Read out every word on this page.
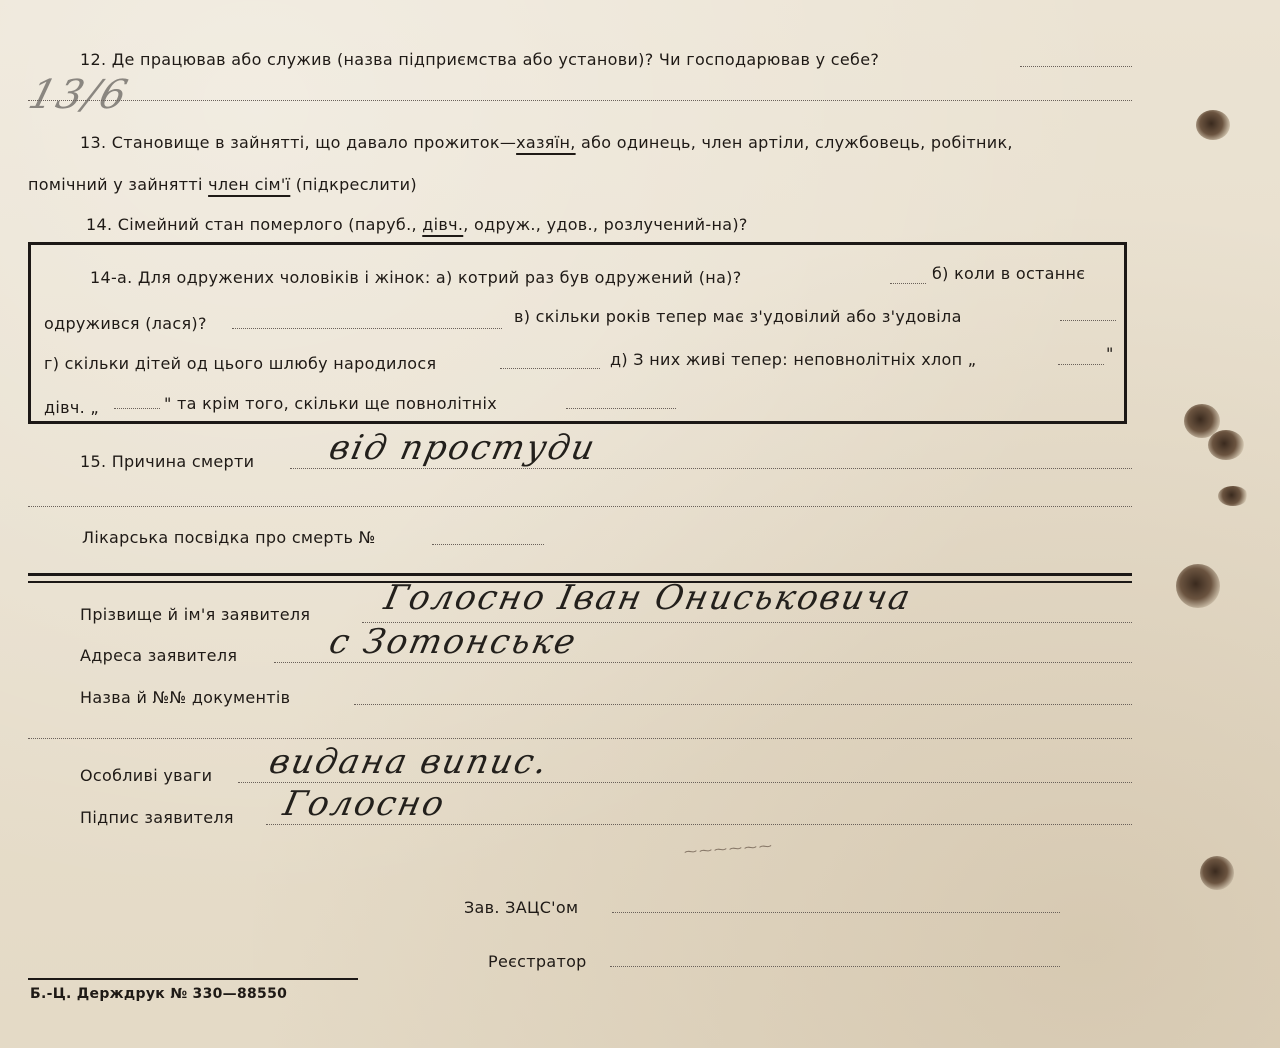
13/6
12. Де працював або служив (назва підприємства або установи)? Чи господарював у себе?
13. Становище в зайнятті, що давало прожиток—хазяїн, або одинець, член артіли, службовець, робітник,
помічний у зайнятті член сім'ї (підкреслити)
14. Сімейний стан померлого (паруб., дівч., одруж., удов., розлучений-на)?
14-а. Для одружених чоловіків і жінок: а) котрий раз був одружений (на)?	б) коли в останнє
одружився (лася)?	в) скільки років тепер має з'удовілий або з'удовіла
г) скільки дітей од цього шлюбу народилося	д) З них живі тепер: неповнолітніх хлоп „	"
дівч. „	" та крім того, скільки ще повнолітніх
15. Причина смерти від простуди
Лікарська посвідка про смерть №
Прізвище й ім'я заявителя Голосно Іван Ониськовича
Адреса заявителя	с Зотонське
Назва й №№ документів
Особливі уваги видана випис.
Підпис заявителя Голосно
⁓⁓⁓⁓⁓⁓
Зав. ЗАЦС'ом
Реєстратор
Б.-Ц. Держдрук № 330—88550
